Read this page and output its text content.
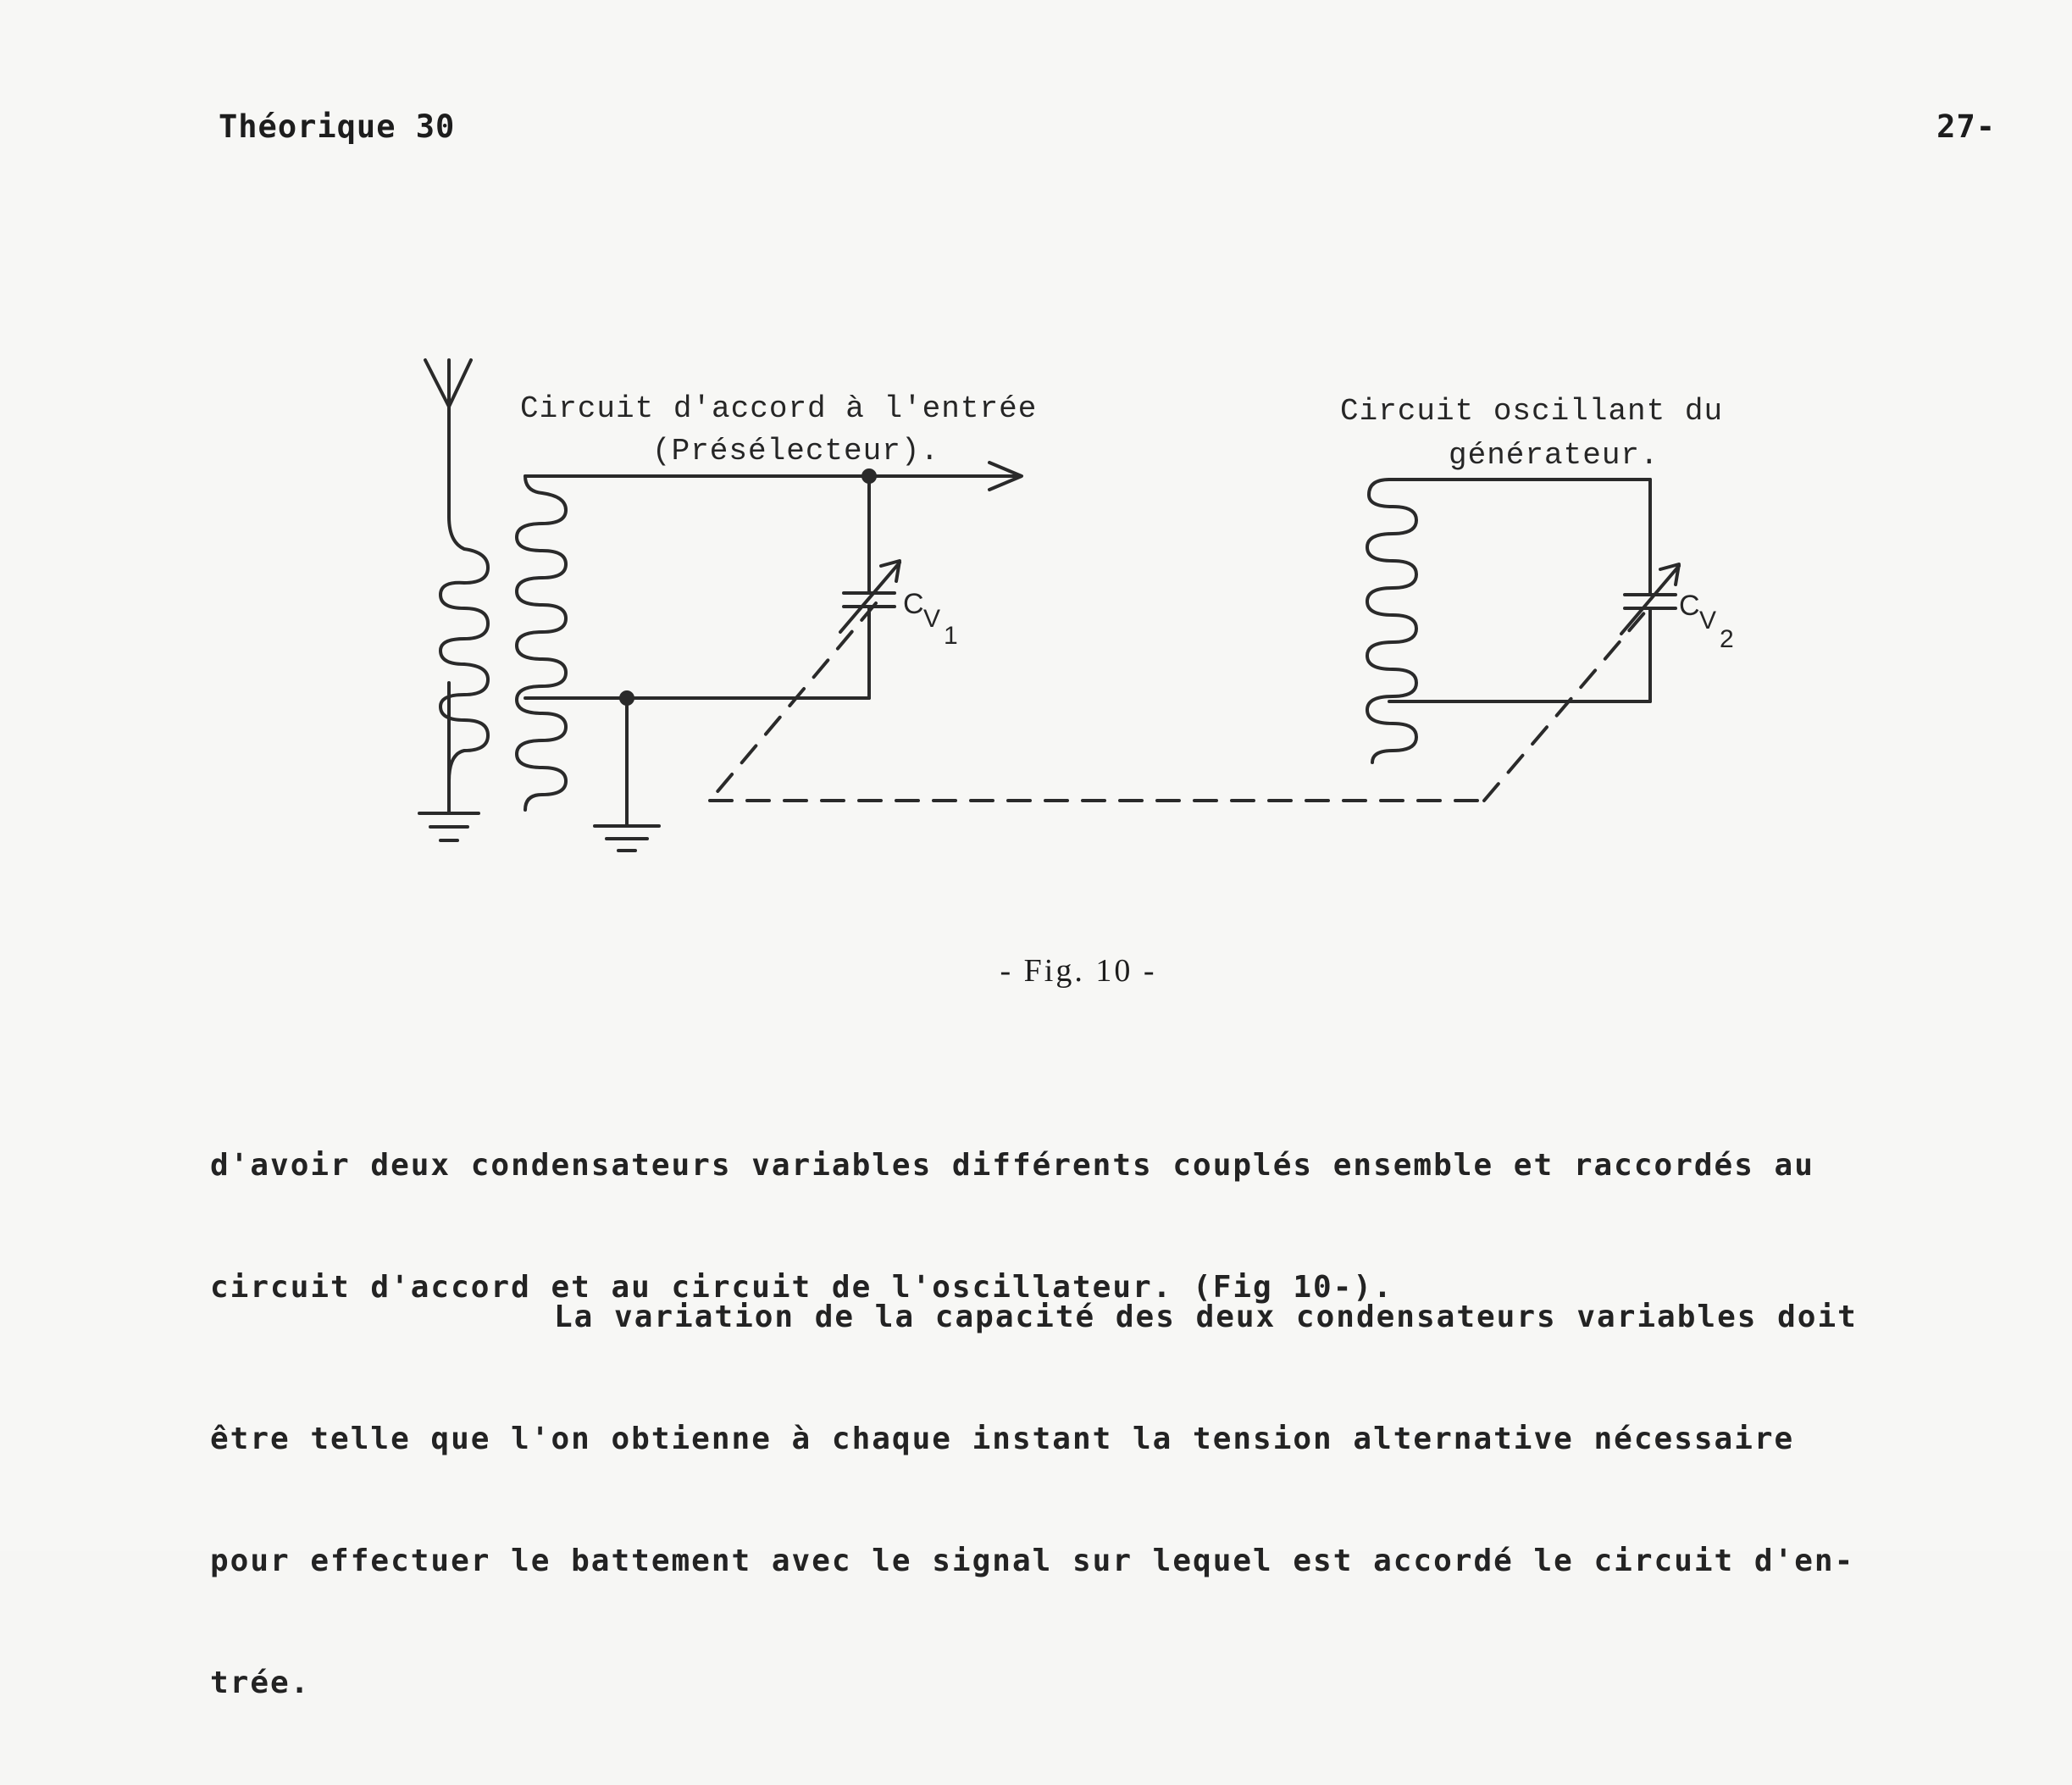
Théorique 30	27-
Circuit d'accord à l'entrée
(Présélecteur).
Circuit oscillant du
générateur.
C V
1
C V
2
- Fig. 10 -

d'avoir deux condensateurs variables différents couplés ensemble et raccordés au

circuit d'accord et au circuit de l'oscillateur. (Fig 10-).

La variation de la capacité des deux condensateurs variables doit

être telle que l'on obtienne à chaque instant la tension alternative nécessaire

pour effectuer le battement avec le signal sur lequel est accordé le circuit d'en-

trée.
